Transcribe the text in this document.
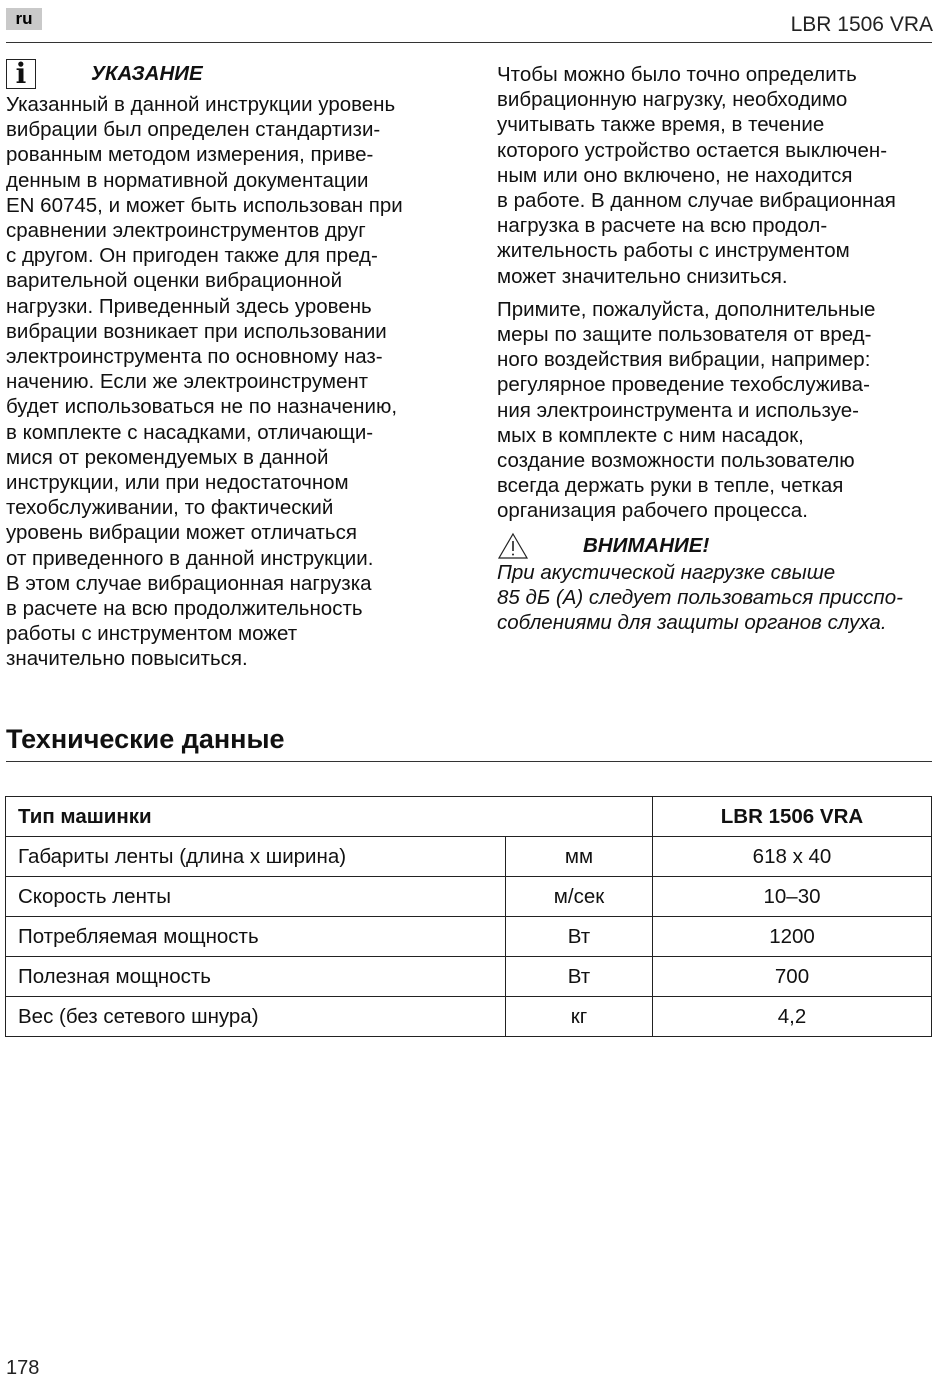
ru	LBR 1506 VRA
i	УКАЗАНИЕ

Указанный в данной инструкции уровень
вибрации был определен стандартизи-
рованным методом измерения, приве-
денным в нормативной документации
EN 60745, и может быть использован при
сравнении электроинструментов друг
с другом. Он пригоден также для пред-
варительной оценки вибрационной
нагрузки. Приведенный здесь уровень
вибрации возникает при использовании
электроинструмента по основному наз-
начению. Если же электроинструмент
будет использоваться не по назначению,
в комплекте с насадками, отличающи-
мися от рекомендуемых в данной
инструкции, или при недостаточном
техобслуживании, то фактический
уровень вибрации может отличаться
от приведенного в данной инструкции.
В этом случае вибрационная нагрузка
в расчете на всю продолжительность
работы с инструментом может
значительно повыситься.

Чтобы можно было точно определить
вибрационную нагрузку, необходимо
учитывать также время, в течение
которого устройство остается выключен-
ным или оно включено, не находится
в работе. В данном случае вибрационная
нагрузка в расчете на всю продол-
жительность работы с инструментом
может значительно снизиться.

Примите, пожалуйста, дополнительные
меры по защите пользователя от вред-
ного воздействия вибрации, например:
регулярное проведение техобслужива-
ния электроинструмента и используе-
мых в комплекте с ним насадок,
создание возможности пользователю
всегда держать руки в тепле, четкая
организация рабочего процесса.

ВНИМАНИЕ!

При акустической нагрузке свыше
85 дБ (А) следует пользоваться присспо-
соблениями для защиты органов слуха.

Технические данные
Тип машинки		LBR 1506 VRA
Габариты ленты (длина х ширина)	мм	618 x 40
Скорость ленты	м/сек	10–30
Потребляемая мощность	Вт	1200
Полезная мощность	Вт	700
Вес (без сетевого шнура)	кг	4,2
178
